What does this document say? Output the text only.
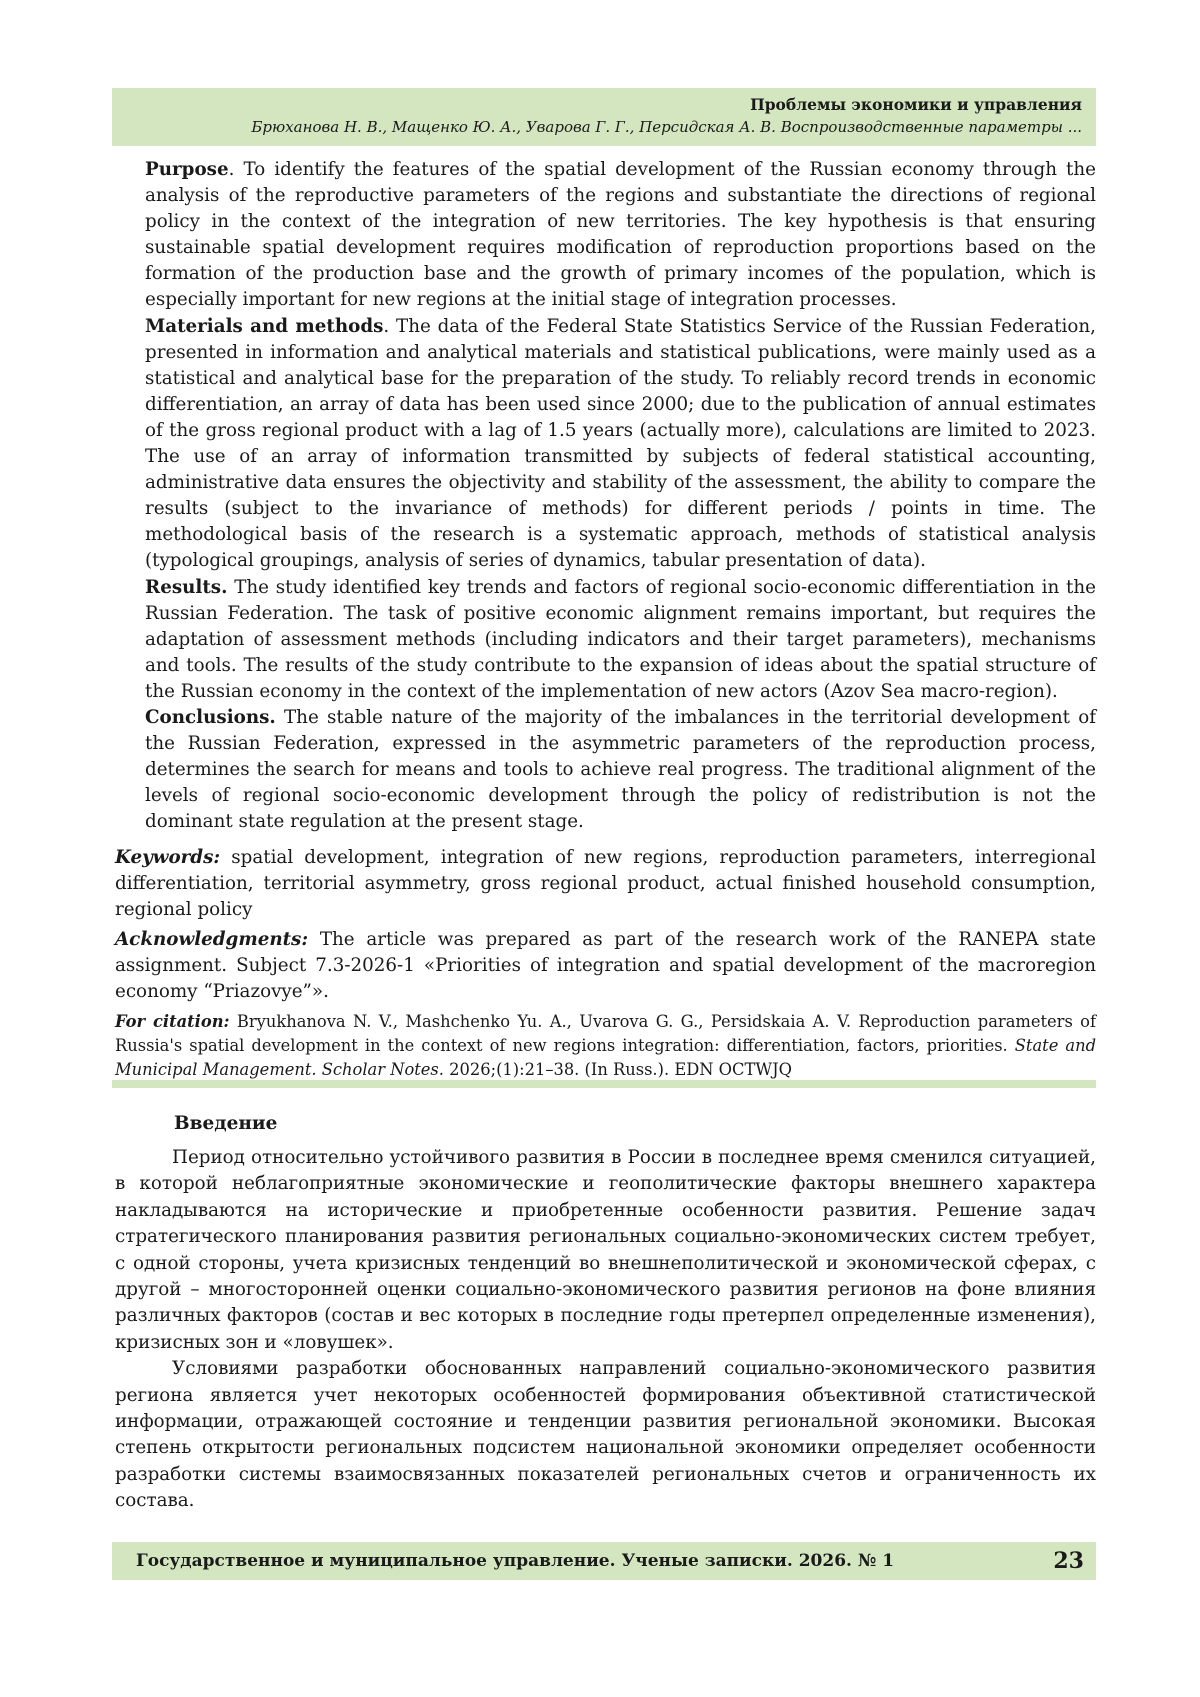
Проблемы экономики и управления
Брюханова Н. В., Мащенко Ю. А., Уварова Г. Г., Персидская А. В. Воспроизводственные параметры ...

Purpose. To identify the features of the spatial development of the Russian economy through the analysis of the reproductive parameters of the regions and substantiate the directions of regional policy in the context of the integration of new territories. The key hypothesis is that ensuring sustainable spatial development requires modification of reproduction proportions based on the formation of the production base and the growth of primary incomes of the population, which is especially important for new regions at the initial stage of integration processes.

Materials and methods. The data of the Federal State Statistics Service of the Russian Federation, presented in information and analytical materials and statistical publications, were mainly used as a statistical and analytical base for the preparation of the study. To reliably record trends in economic differentiation, an array of data has been used since 2000; due to the publication of annual estimates of the gross regional product with a lag of 1.5 years (actually more), calculations are limited to 2023. The use of an array of information transmitted by subjects of federal statistical accounting, administrative data ensures the objectivity and stability of the assessment, the ability to compare the results (subject to the invariance of methods) for different periods / points in time. The methodological basis of the research is a systematic approach, methods of statistical analysis (typological groupings, analysis of series of dynamics, tabular presentation of data).

Results. The study identified key trends and factors of regional socio-economic differentiation in the Russian Federation. The task of positive economic alignment remains important, but requires the adaptation of assessment methods (including indicators and their target parameters), mechanisms and tools. The results of the study contribute to the expansion of ideas about the spatial structure of the Russian economy in the context of the implementation of new actors (Azov Sea macro-region).

Conclusions. The stable nature of the majority of the imbalances in the territorial development of the Russian Federation, expressed in the asymmetric parameters of the reproduction process, determines the search for means and tools to achieve real progress. The traditional alignment of the levels of regional socio-economic development through the policy of redistribution is not the dominant state regulation at the present stage.

Keywords: spatial development, integration of new regions, reproduction parameters, interregional differentiation, territorial asymmetry, gross regional product, actual finished household consumption, regional policy

Acknowledgments: The article was prepared as part of the research work of the RANEPA state assignment. Subject 7.3-2026-1 «Priorities of integration and spatial development of the macroregion economy “Priazovye”».

For citation: Bryukhanova N. V., Mashchenko Yu. A., Uvarova G. G., Persidskaia A. V. Reproduction parameters of Russia's spatial development in the context of new regions integration: differentiation, factors, priorities. State and Municipal Management. Scholar Notes. 2026;(1):21–38. (In Russ.). EDN OCTWJQ

Введение

Период относительно устойчивого развития в России в последнее время сменился ситуацией, в которой неблагоприятные экономические и геополитические факторы внешнего характера накладываются на исторические и приобретенные особенности развития. Решение задач стратегического планирования развития региональных социально-экономических систем требует, с одной стороны, учета кризисных тенденций во внешнеполитической и экономической сферах, с другой – многосторонней оценки социально-экономического развития регионов на фоне влияния различных факторов (состав и вес которых в последние годы претерпел определенные изменения), кризисных зон и «ловушек».

Условиями разработки обоснованных направлений социально-экономического развития региона является учет некоторых особенностей формирования объективной статистической информации, отражающей состояние и тенденции развития региональной экономики. Высокая степень открытости региональных подсистем национальной экономики определяет особенности разработки системы взаимосвязанных показателей региональных счетов и ограниченность их состава.

Государственное и муниципальное управление. Ученые записки. 2026. № 1	23
